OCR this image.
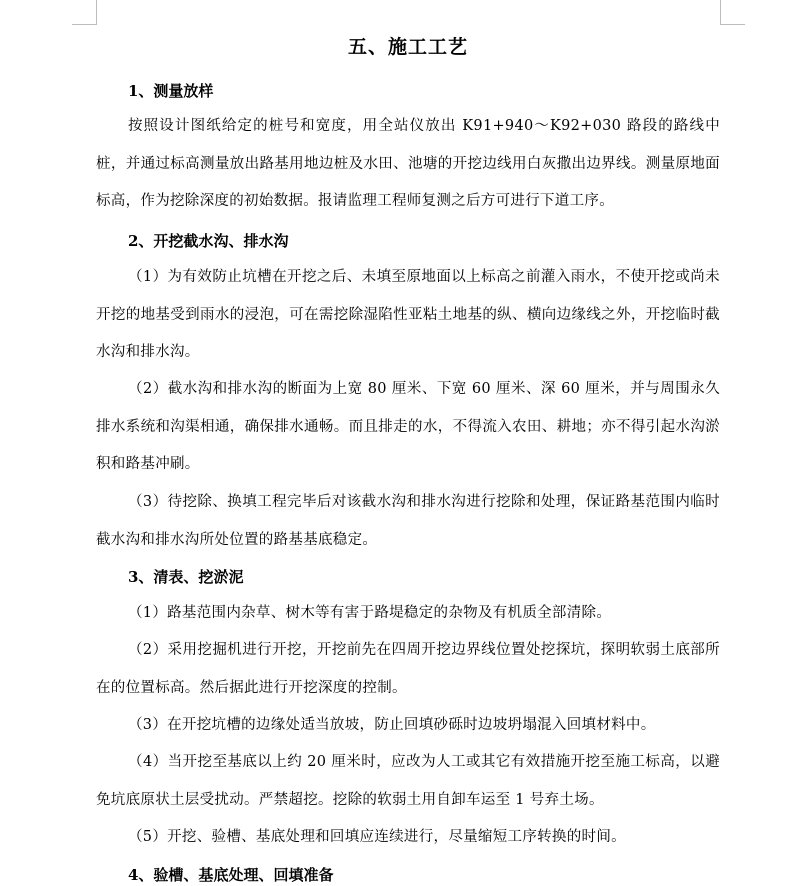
五、施工工艺
1、测量放样
按照设计图纸给定的桩号和宽度，用全站仪放出 K91+940～K92+030 路段的路线中桩，并通过标高测量放出路基用地边桩及水田、池塘的开挖边线用白灰撒出边界线。测量原地面标高，作为挖除深度的初始数据。报请监理工程师复测之后方可进行下道工序。
2、开挖截水沟、排水沟
（1）为有效防止坑槽在开挖之后、未填至原地面以上标高之前灌入雨水，不使开挖或尚未开挖的地基受到雨水的浸泡，可在需挖除湿陷性亚粘土地基的纵、横向边缘线之外，开挖临时截水沟和排水沟。
（2）截水沟和排水沟的断面为上宽 80 厘米、下宽 60 厘米、深 60 厘米，并与周围永久排水系统和沟渠相通，确保排水通畅。而且排走的水，不得流入农田、耕地；亦不得引起水沟淤积和路基冲刷。
（3）待挖除、换填工程完毕后对该截水沟和排水沟进行挖除和处理，保证路基范围内临时截水沟和排水沟所处位置的路基基底稳定。
3、清表、挖淤泥
（1）路基范围内杂草、树木等有害于路堤稳定的杂物及有机质全部清除。
（2）采用挖掘机进行开挖，开挖前先在四周开挖边界线位置处挖探坑，探明软弱土底部所在的位置标高。然后据此进行开挖深度的控制。
（3）在开挖坑槽的边缘处适当放坡，防止回填砂砾时边坡坍塌混入回填材料中。
（4）当开挖至基底以上约 20 厘米时，应改为人工或其它有效措施开挖至施工标高，以避免坑底原状土层受扰动。严禁超挖。挖除的软弱土用自卸车运至 1 号弃土场。
（5）开挖、验槽、基底处理和回填应连续进行，尽量缩短工序转换的时间。
4、验槽、基底处理、回填准备
